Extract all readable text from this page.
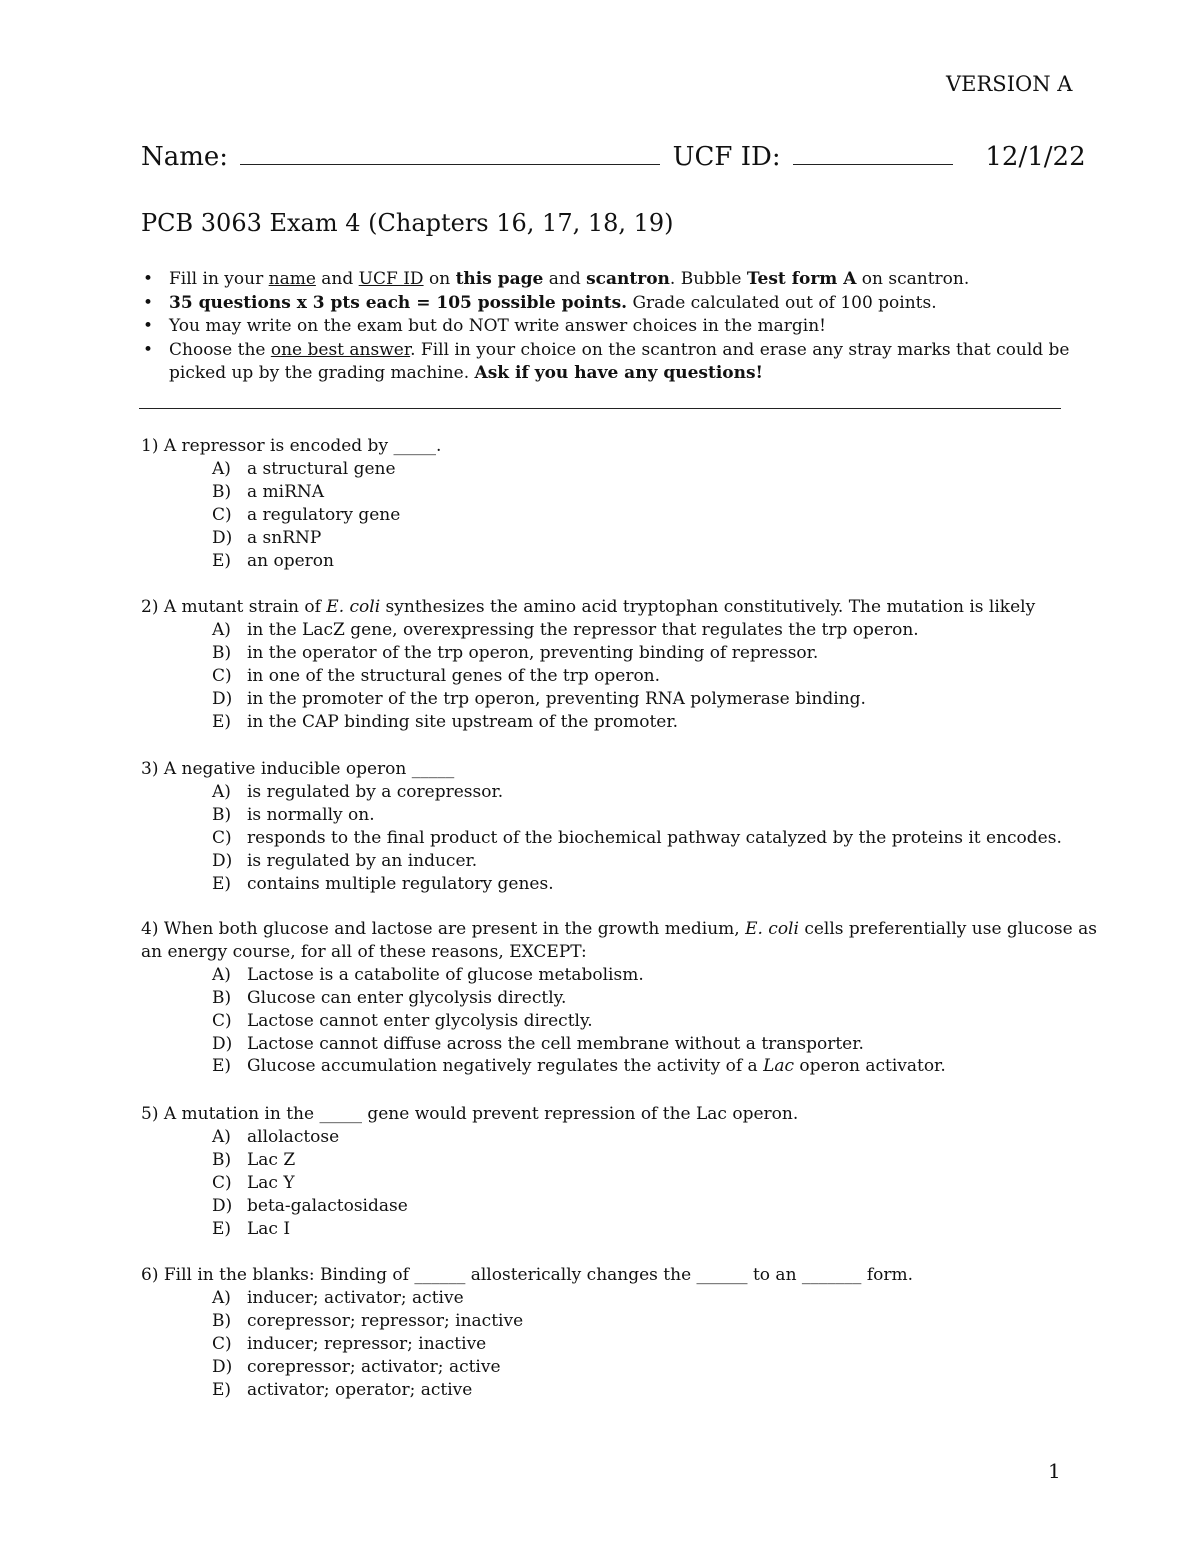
VERSION A
Name:	UCF ID:	12/1/22
PCB 3063 Exam 4 (Chapters 16, 17, 18, 19)
• Fill in your name and UCF ID on this page and scantron. Bubble Test form A on scantron.
• 35 questions x 3 pts each = 105 possible points. Grade calculated out of 100 points.
• You may write on the exam but do NOT write answer choices in the margin!
• Choose the one best answer. Fill in your choice on the scantron and erase any stray marks that could be
picked up by the grading machine. Ask if you have any questions!
1) A repressor is encoded by _____.
A) a structural gene
B) a miRNA
C) a regulatory gene
D) a snRNP
E) an operon
2) A mutant strain of E. coli synthesizes the amino acid tryptophan constitutively. The mutation is likely
A) in the LacZ gene, overexpressing the repressor that regulates the trp operon.
B) in the operator of the trp operon, preventing binding of repressor.
C) in one of the structural genes of the trp operon.
D) in the promoter of the trp operon, preventing RNA polymerase binding.
E) in the CAP binding site upstream of the promoter.
3) A negative inducible operon _____
A) is regulated by a corepressor.
B) is normally on.
C) responds to the final product of the biochemical pathway catalyzed by the proteins it encodes.
D) is regulated by an inducer.
E) contains multiple regulatory genes.
4) When both glucose and lactose are present in the growth medium, E. coli cells preferentially use glucose as
an energy course, for all of these reasons, EXCEPT:
A) Lactose is a catabolite of glucose metabolism.
B) Glucose can enter glycolysis directly.
C) Lactose cannot enter glycolysis directly.
D) Lactose cannot diffuse across the cell membrane without a transporter.
E) Glucose accumulation negatively regulates the activity of a Lac operon activator.
5) A mutation in the _____ gene would prevent repression of the Lac operon.
A) allolactose
B) Lac Z
C) Lac Y
D) beta-galactosidase
E) Lac I
6) Fill in the blanks: Binding of ______ allosterically changes the ______ to an _______ form.
A) inducer; activator; active
B) corepressor; repressor; inactive
C) inducer; repressor; inactive
D) corepressor; activator; active
E) activator; operator; active
1
